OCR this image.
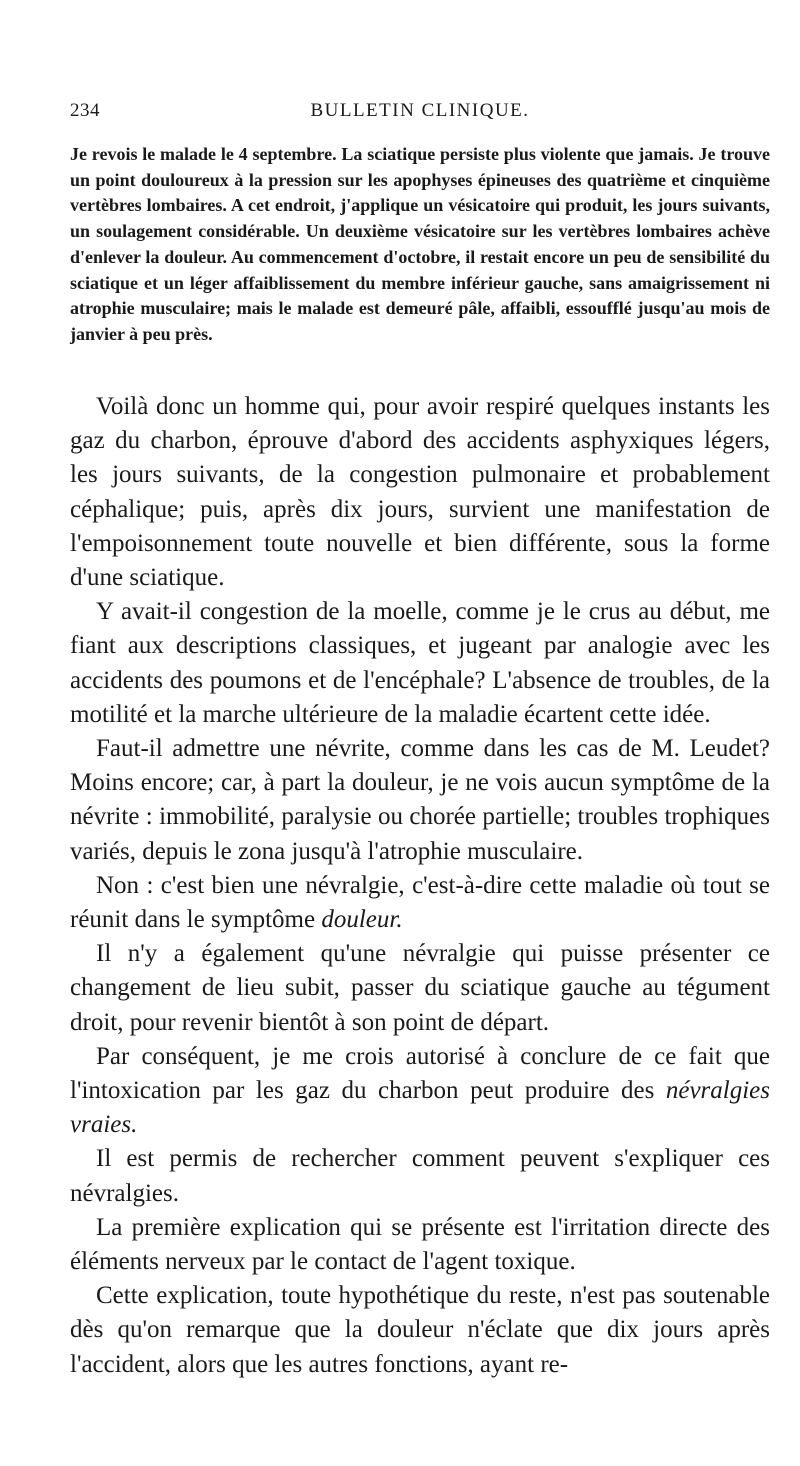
234	BULLETIN CLINIQUE.

Je revois le malade le 4 septembre. La sciatique persiste plus violente que jamais. Je trouve un point douloureux à la pression sur les apophyses épineuses des quatrième et cinquième vertèbres lombaires. A cet endroit, j'applique un vésicatoire qui produit, les jours suivants, un soulagement considérable. Un deuxième vésicatoire sur les vertèbres lombaires achève d'enlever la douleur. Au commencement d'octobre, il restait encore un peu de sensibilité du sciatique et un léger affaiblissement du membre inférieur gauche, sans amaigrissement ni atrophie musculaire; mais le malade est demeuré pâle, affaibli, essoufflé jusqu'au mois de janvier à peu près.

Voilà donc un homme qui, pour avoir respiré quelques instants les gaz du charbon, éprouve d'abord des accidents asphyxiques légers, les jours suivants, de la congestion pulmonaire et probablement céphalique; puis, après dix jours, survient une manifestation de l'empoisonnement toute nouvelle et bien différente, sous la forme d'une sciatique.

Y avait-il congestion de la moelle, comme je le crus au début, me fiant aux descriptions classiques, et jugeant par analogie avec les accidents des poumons et de l'encéphale? L'absence de troubles, de la motilité et la marche ultérieure de la maladie écartent cette idée.

Faut-il admettre une névrite, comme dans les cas de M. Leudet? Moins encore; car, à part la douleur, je ne vois aucun symptôme de la névrite : immobilité, paralysie ou chorée partielle; troubles trophiques variés, depuis le zona jusqu'à l'atrophie musculaire.

Non : c'est bien une névralgie, c'est-à-dire cette maladie où tout se réunit dans le symptôme douleur.

Il n'y a également qu'une névralgie qui puisse présenter ce changement de lieu subit, passer du sciatique gauche au tégument droit, pour revenir bientôt à son point de départ.

Par conséquent, je me crois autorisé à conclure de ce fait que l'intoxication par les gaz du charbon peut produire des névralgies vraies.

Il est permis de rechercher comment peuvent s'expliquer ces névralgies.

La première explication qui se présente est l'irritation directe des éléments nerveux par le contact de l'agent toxique.

Cette explication, toute hypothétique du reste, n'est pas soutenable dès qu'on remarque que la douleur n'éclate que dix jours après l'accident, alors que les autres fonctions, ayant re-
